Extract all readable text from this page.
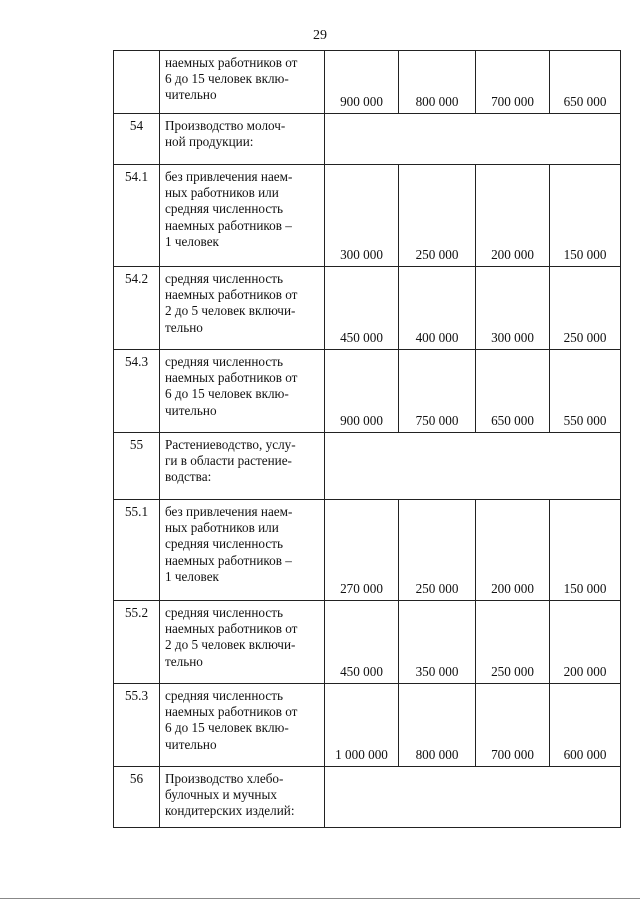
29
наемных работников от
6 до 15 человек вклю-
чительно	900 000	800 000	700 000	650 000
54	Производство молоч-
ной продукции:
54.1	без привлечения наем-
ных работников или
средняя численность
наемных работников –
1 человек
300 000	250 000	200 000	150 000
54.2	средняя численность
наемных работников от
2 до 5 человек включи-
тельно
450 000	400 000	300 000	250 000
54.3	средняя численность
наемных работников от
6 до 15 человек вклю-
чительно
900 000	750 000	650 000	550 000
55	Растениеводство, услу-
ги в области растение-
водства:
55.1	без привлечения наем-
ных работников или
средняя численность
наемных работников –
1 человек
270 000	250 000	200 000	150 000
55.2	средняя численность
наемных работников от
2 до 5 человек включи-
тельно
450 000	350 000	250 000	200 000
55.3	средняя численность
наемных работников от
6 до 15 человек вклю-
чительно
1 000 000	800 000	700 000	600 000
56	Производство хлебо-
булочных и мучных
кондитерских изделий:
